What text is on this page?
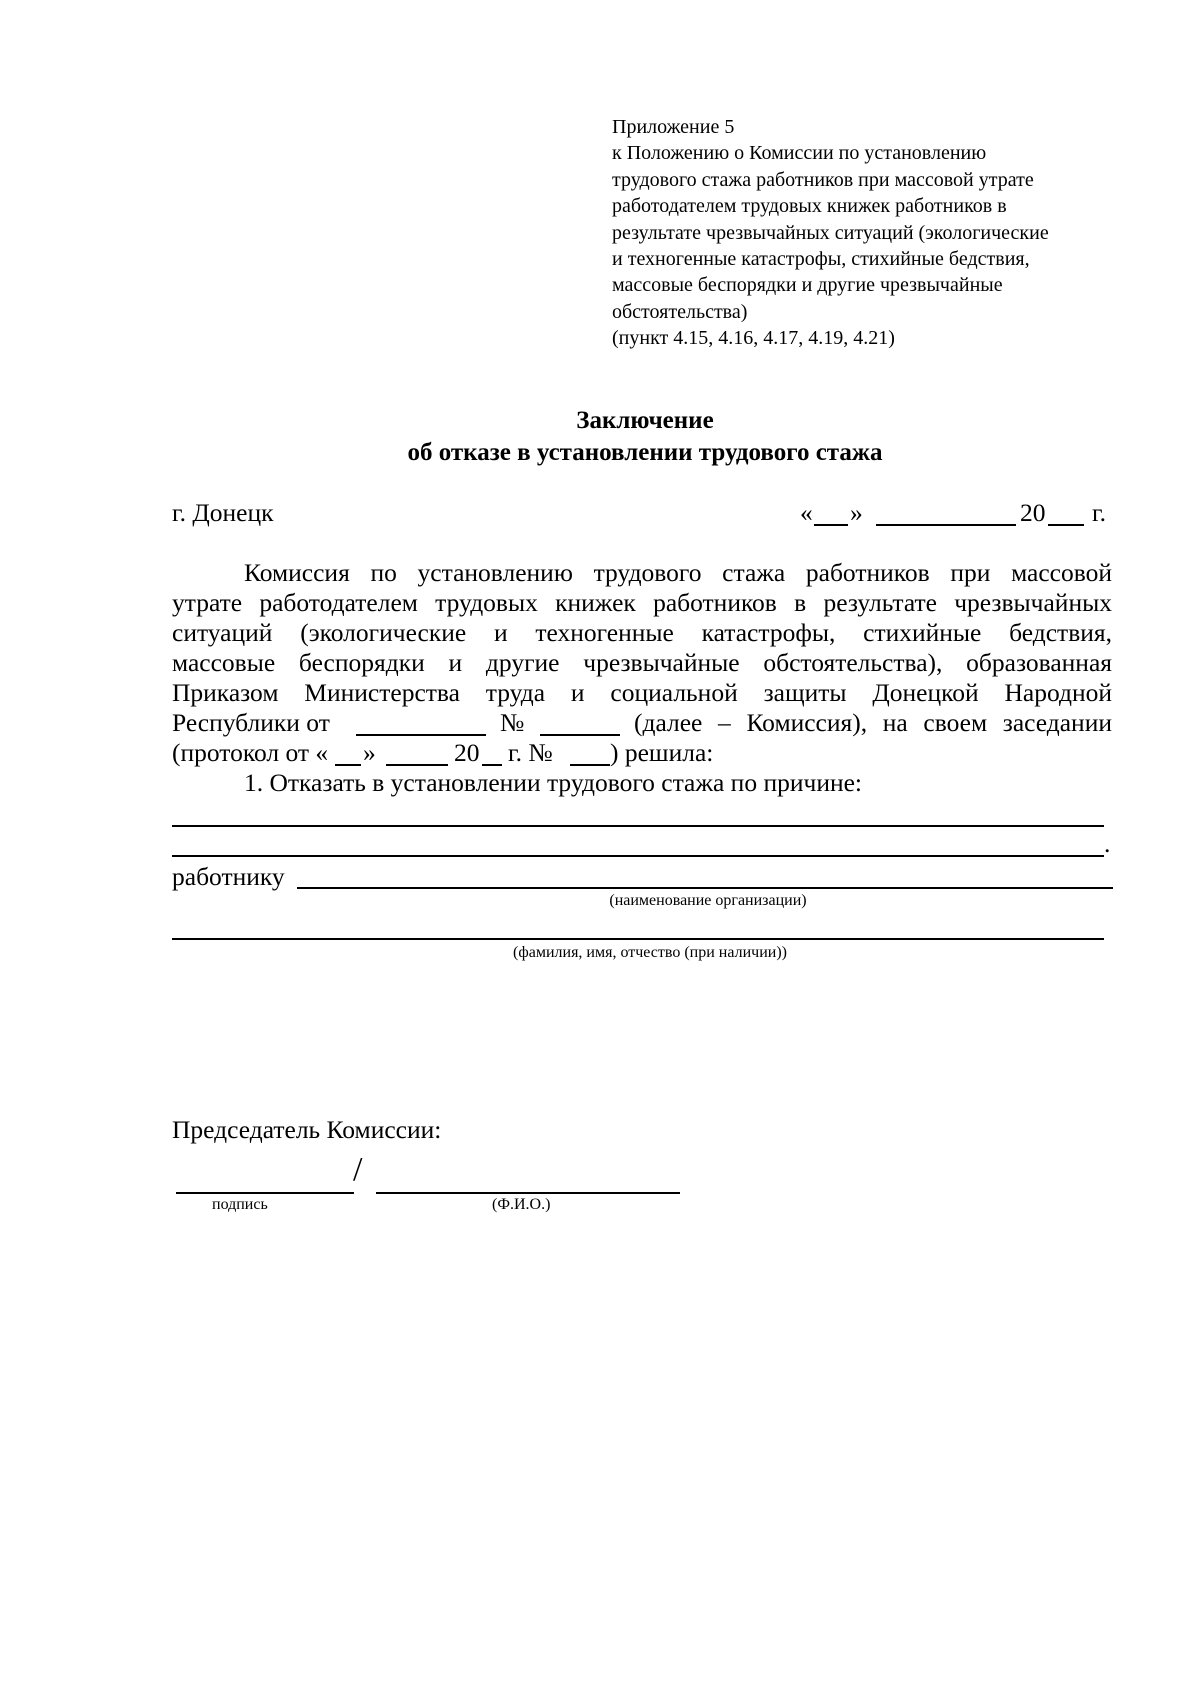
Приложение 5
к Положению о Комиссии по установлению
трудового стажа работников при массовой утрате
работодателем трудовых книжек работников в
результате чрезвычайных ситуаций (экологические
и техногенные катастрофы, стихийные бедствия,
массовые беспорядки и другие чрезвычайные
обстоятельства)
(пункт 4.15, 4.16, 4.17, 4.19, 4.21)
Заключение
об отказе в установлении трудового стажа
г. Донецк	« »	20 г.
Комиссия по установлению трудового стажа работников при массовой
утрате работодателем трудовых книжек работников в результате чрезвычайных
ситуаций (экологические и техногенные катастрофы, стихийные бедствия,
массовые беспорядки и другие чрезвычайные обстоятельства), образованная
Приказом Министерства труда и социальной защиты Донецкой Народной
Республики от	№	(далее – Комиссия), на своем заседании
(протокол от « »	20 г. № ) решила:
1. Отказать в установлении трудового стажа по причине:
.
работнику
(наименование организации)
(фамилия, имя, отчество (при наличии))
Председатель Комиссии:
/
подпись	(Ф.И.О.)
